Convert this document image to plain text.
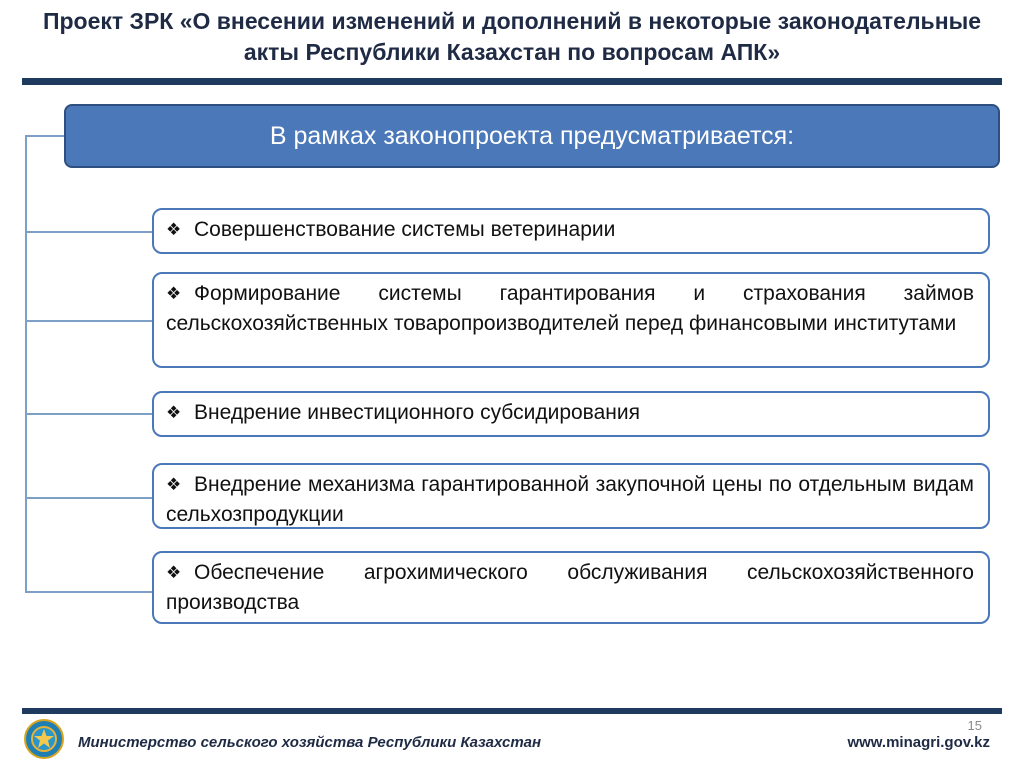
Проект ЗРК «О внесении изменений и дополнений в некоторые законодательные акты Республики Казахстан по вопросам АПК»
В рамках законопроекта предусматривается:
❖ Совершенствование системы ветеринарии
❖ Формирование системы гарантирования и страхования займов сельскохозяйственных товаропроизводителей перед финансовыми институтами
❖ Внедрение инвестиционного субсидирования
❖ Внедрение механизма гарантированной закупочной цены по отдельным видам сельхозпродукции
❖ Обеспечение агрохимического обслуживания сельскохозяйственного производства
15
Министерство сельского хозяйства Республики Казахстан	www.minagri.gov.kz
